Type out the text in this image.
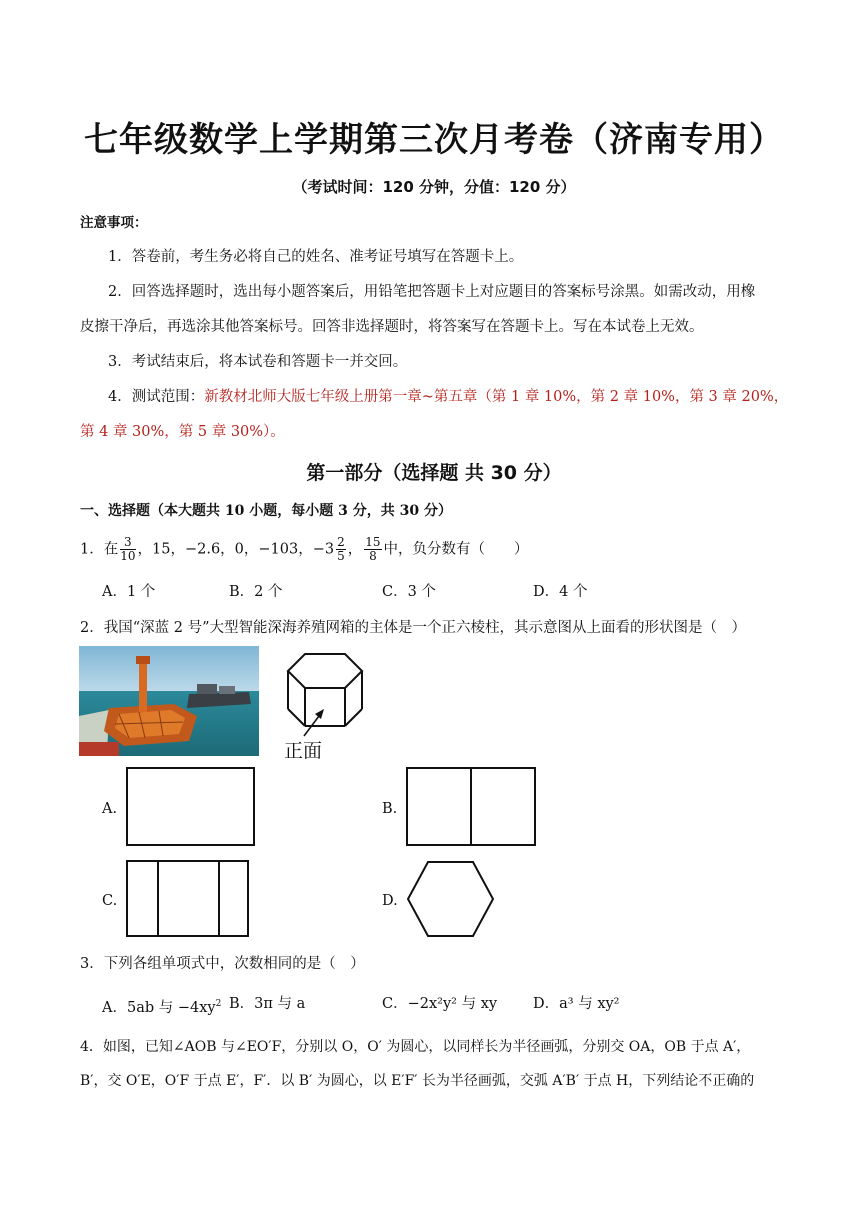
七年级数学上学期第三次月考卷（济南专用）
（考试时间：120 分钟，分值：120 分）
注意事项：
1．答卷前，考生务必将自己的姓名、准考证号填写在答题卡上。
2．回答选择题时，选出每小题答案后，用铅笔把答题卡上对应题目的答案标号涂黑。如需改动，用橡
皮擦干净后，再选涂其他答案标号。回答非选择题时，将答案写在答题卡上。写在本试卷上无效。
3．考试结束后，将本试卷和答题卡一并交回。
4．测试范围：新教材北师大版七年级上册第一章~第五章（第 1 章 10%，第 2 章 10%，第 3 章 20%，
第 4 章 30%，第 5 章 30%）。
第一部分（选择题 共 30 分）
一、选择题（本大题共 10 小题，每小题 3 分，共 30 分）
1．在 $\frac{3}{10}$ ，15，−2.6，0，−103，$-3 \frac{2}{5}$ ， $\frac{15}{8}$ 中，负分数有（　　）
A．1 个	B．2 个	C．3 个	D．4 个
2．我国“深蓝 2 号”大型智能深海养殖网箱的主体是一个正六棱柱，其示意图从上面看的形状图是（　）
正面
A.	B.
C.	D.
3．下列各组单项式中，次数相同的是（　）
A．5ab 与 $-4xy^2$ B．3π 与 a	C．−2x²y² 与 xy D．a³ 与 xy²
4．如图，已知∠AOB 与∠EO′F，分别以 O，O′ 为圆心，以同样长为半径画弧，分别交 OA，OB 于点 A′，
B′，交 O′E，O′F 于点 E′，F′．以 B′ 为圆心，以 E′F′ 长为半径画弧，交弧 A′B′ 于点 H，下列结论不正确的
